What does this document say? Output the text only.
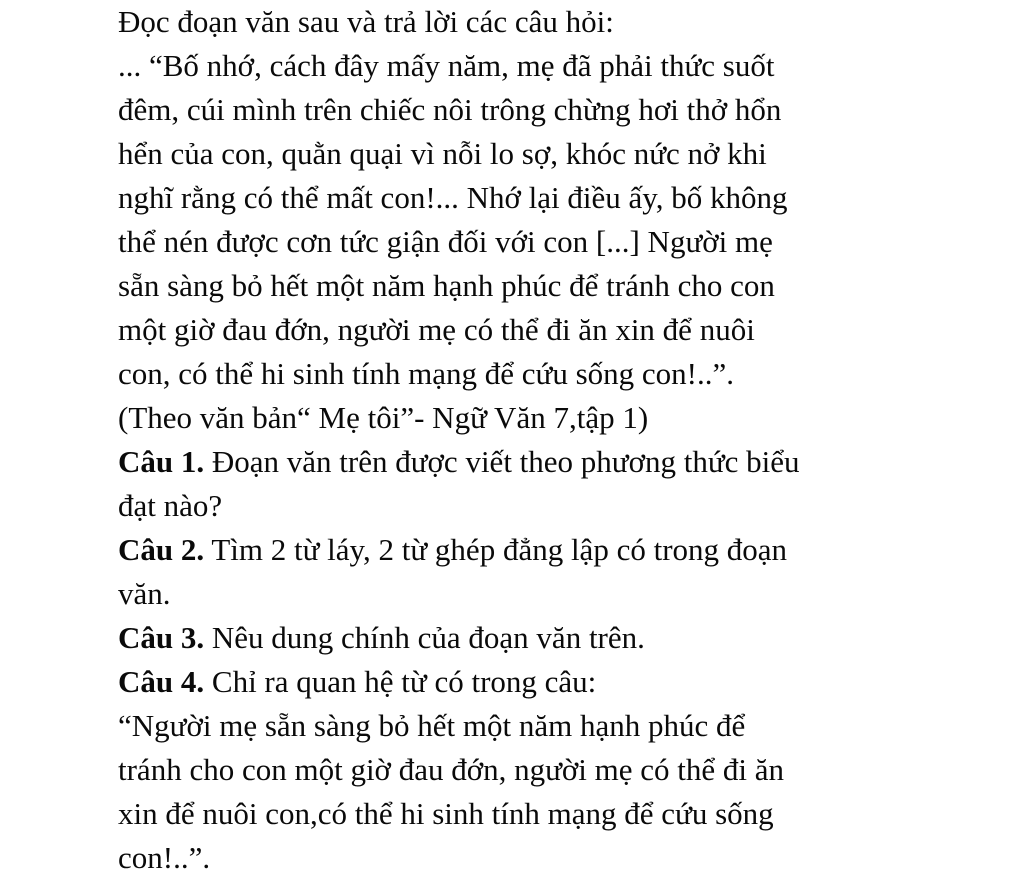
Đọc đoạn văn sau và trả lời các câu hỏi:
... “Bố nhớ, cách đây mấy năm, mẹ đã phải thức suốt
đêm, cúi mình trên chiếc nôi trông chừng hơi thở hổn
hển của con, quằn quại vì nỗi lo sợ, khóc nức nở khi
nghĩ rằng có thể mất con!... Nhớ lại điều ấy, bố không
thể nén được cơn tức giận đối với con [...] Người mẹ
sẵn sàng bỏ hết một năm hạnh phúc để tránh cho con
một giờ đau đớn, người mẹ có thể đi ăn xin để nuôi
con, có thể hi sinh tính mạng để cứu sống con!..”.
(Theo văn bản“ Mẹ tôi”- Ngữ Văn 7,tập 1)
Câu 1. Đoạn văn trên được viết theo phương thức biểu
đạt nào?
Câu 2. Tìm 2 từ láy, 2 từ ghép đẳng lập có trong đoạn
văn.
Câu 3. Nêu dung chính của đoạn văn trên.
Câu 4. Chỉ ra quan hệ từ có trong câu:
“Người mẹ sẵn sàng bỏ hết một năm hạnh phúc để
tránh cho con một giờ đau đớn, người mẹ có thể đi ăn
xin để nuôi con,có thể hi sinh tính mạng để cứu sống
con!..”.
